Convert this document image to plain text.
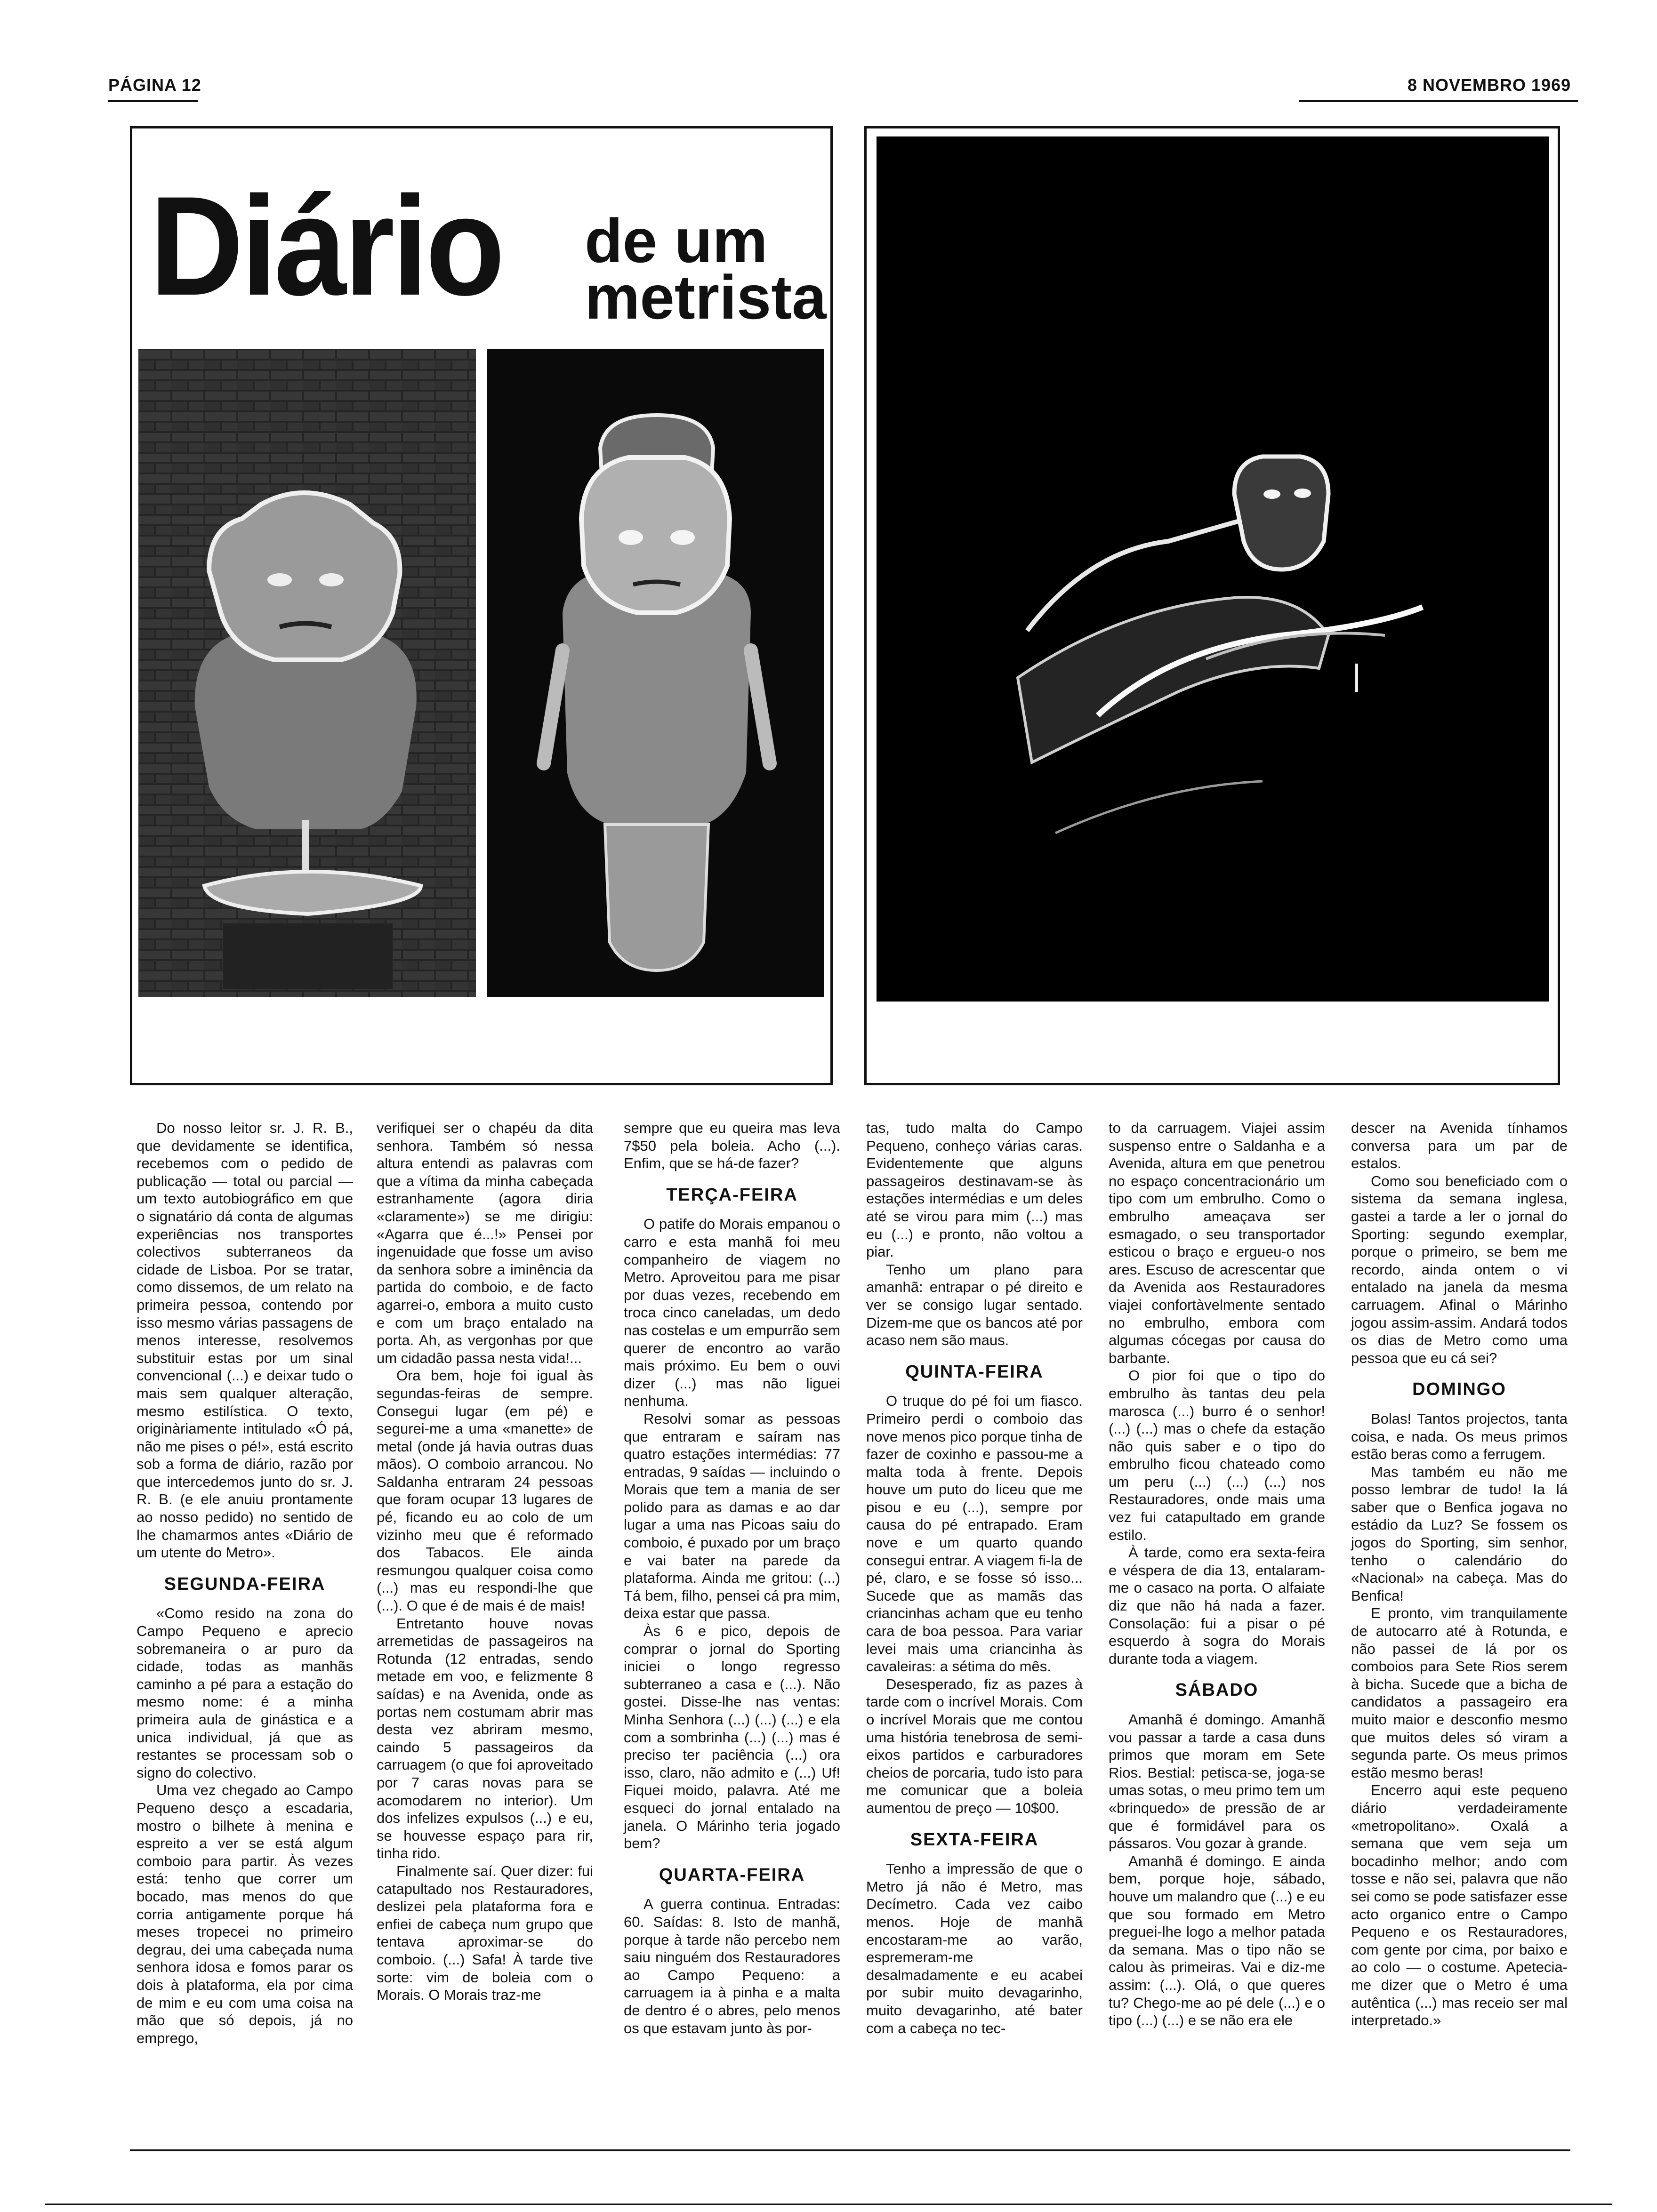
PÁGINA 12	8 NOVEMBRO 1969
Diário de um
metrista

Do nosso leitor sr. J. R. B., que devidamente se identifica, recebemos com o pedido de publicação — total ou parcial — um texto autobiográfico em que o signatário dá conta de algumas experiências nos transportes colectivos subterraneos da cidade de Lisboa. Por se tratar, como dissemos, de um relato na primeira pessoa, contendo por isso mesmo várias passagens de menos interesse, resolvemos substituir estas por um sinal convencional (...) e deixar tudo o mais sem qualquer alteração, mesmo estilística. O texto, originàriamente intitulado «Ó pá, não me pises o pé!», está escrito sob a forma de diário, razão por que intercedemos junto do sr. J. R. B. (e ele anuiu prontamente ao nosso pedido) no sentido de lhe chamarmos antes «Diário de um utente do Metro».

SEGUNDA-FEIRA

«Como resido na zona do Campo Pequeno e aprecio sobremaneira o ar puro da cidade, todas as manhãs caminho a pé para a estação do mesmo nome: é a minha primeira aula de ginástica e a unica individual, já que as restantes se processam sob o signo do colectivo.

Uma vez chegado ao Campo Pequeno desço a escadaria, mostro o bilhete à menina e espreito a ver se está algum comboio para partir. Às vezes está: tenho que correr um bocado, mas menos do que corria antigamente porque há meses tropecei no primeiro degrau, dei uma cabeçada numa senhora idosa e fomos parar os dois à plataforma, ela por cima de mim e eu com uma coisa na mão que só depois, já no emprego,

verifiquei ser o chapéu da dita senhora. Também só nessa altura entendi as palavras com que a vítima da minha cabeçada estranhamente (agora diria «claramente») se me dirigiu: «Agarra que é...!» Pensei por ingenuidade que fosse um aviso da senhora sobre a iminência da partida do comboio, e de facto agarrei-o, embora a muito custo e com um braço entalado na porta. Ah, as vergonhas por que um cidadão passa nesta vida!...

Ora bem, hoje foi igual às segundas-feiras de sempre. Consegui lugar (em pé) e segurei-me a uma «manette» de metal (onde já havia outras duas mãos). O comboio arrancou. No Saldanha entraram 24 pessoas que foram ocupar 13 lugares de pé, ficando eu ao colo de um vizinho meu que é reformado dos Tabacos. Ele ainda resmungou qualquer coisa como (...) mas eu respondi-lhe que (...). O que é de mais é de mais!

Entretanto houve novas arremetidas de passageiros na Rotunda (12 entradas, sendo metade em voo, e felizmente 8 saídas) e na Avenida, onde as portas nem costumam abrir mas desta vez abriram mesmo, caindo 5 passageiros da carruagem (o que foi aproveitado por 7 caras novas para se acomodarem no interior). Um dos infelizes expulsos (...) e eu, se houvesse espaço para rir, tinha rido.

Finalmente saí. Quer dizer: fui catapultado nos Restauradores, deslizei pela plataforma fora e enfiei de cabeça num grupo que tentava aproximar-se do comboio. (...) Safa! À tarde tive sorte: vim de boleia com o Morais. O Morais traz-me

sempre que eu queira mas leva 7$50 pela boleia. Acho (...). Enfim, que se há-de fazer?

TERÇA-FEIRA

O patife do Morais empanou o carro e esta manhã foi meu companheiro de viagem no Metro. Aproveitou para me pisar por duas vezes, recebendo em troca cinco caneladas, um dedo nas costelas e um empurrão sem querer de encontro ao varão mais próximo. Eu bem o ouvi dizer (...) mas não liguei nenhuma.

Resolvi somar as pessoas que entraram e saíram nas quatro estações intermédias: 77 entradas, 9 saídas — incluindo o Morais que tem a mania de ser polido para as damas e ao dar lugar a uma nas Picoas saiu do comboio, é puxado por um braço e vai bater na parede da plataforma. Ainda me gritou: (...) Tá bem, filho, pensei cá pra mim, deixa estar que passa.

Às 6 e pico, depois de comprar o jornal do Sporting iniciei o longo regresso subterraneo a casa e (...). Não gostei. Disse-lhe nas ventas: Minha Senhora (...) (...) (...) e ela com a sombrinha (...) (...) mas é preciso ter paciência (...) ora isso, claro, não admito e (...) Uf! Fiquei moido, palavra. Até me esqueci do jornal entalado na janela. O Márinho teria jogado bem?

QUARTA-FEIRA

A guerra continua. Entradas: 60. Saídas: 8. Isto de manhã, porque à tarde não percebo nem saiu ninguém dos Restauradores ao Campo Pequeno: a carruagem ia à pinha e a malta de dentro é o abres, pelo menos os que estavam junto às por-

tas, tudo malta do Campo Pequeno, conheço várias caras. Evidentemente que alguns passageiros destinavam-se às estações intermédias e um deles até se virou para mim (...) mas eu (...) e pronto, não voltou a piar.

Tenho um plano para amanhã: entrapar o pé direito e ver se consigo lugar sentado. Dizem-me que os bancos até por acaso nem são maus.

QUINTA-FEIRA

O truque do pé foi um fiasco. Primeiro perdi o comboio das nove menos pico porque tinha de fazer de coxinho e passou-me a malta toda à frente. Depois houve um puto do liceu que me pisou e eu (...), sempre por causa do pé entrapado. Eram nove e um quarto quando consegui entrar. A viagem fi-la de pé, claro, e se fosse só isso... Sucede que as mamãs das criancinhas acham que eu tenho cara de boa pessoa. Para variar levei mais uma criancinha às cavaleiras: a sétima do mês.

Desesperado, fiz as pazes à tarde com o incrível Morais. Com o incrível Morais que me contou uma história tenebrosa de semi-eixos partidos e carburadores cheios de porcaria, tudo isto para me comunicar que a boleia aumentou de preço — 10$00.

SEXTA-FEIRA

Tenho a impressão de que o Metro já não é Metro, mas Decímetro. Cada vez caibo menos. Hoje de manhã encostaram-me ao varão, espremeram-me desalmadamente e eu acabei por subir muito devagarinho, muito devagarinho, até bater com a cabeça no tec-

to da carruagem. Viajei assim suspenso entre o Saldanha e a Avenida, altura em que penetrou no espaço concentracionário um tipo com um embrulho. Como o embrulho ameaçava ser esmagado, o seu transportador esticou o braço e ergueu-o nos ares. Escuso de acrescentar que da Avenida aos Restauradores viajei confortàvelmente sentado no embrulho, embora com algumas cócegas por causa do barbante.

O pior foi que o tipo do embrulho às tantas deu pela marosca (...) burro é o senhor! (...) (...) mas o chefe da estação não quis saber e o tipo do embrulho ficou chateado como um peru (...) (...) (...) nos Restauradores, onde mais uma vez fui catapultado em grande estilo.

À tarde, como era sexta-feira e véspera de dia 13, entalaram-me o casaco na porta. O alfaiate diz que não há nada a fazer. Consolação: fui a pisar o pé esquerdo à sogra do Morais durante toda a viagem.

SÁBADO

Amanhã é domingo. Amanhã vou passar a tarde a casa duns primos que moram em Sete Rios. Bestial: petisca-se, joga-se umas sotas, o meu primo tem um «brinquedo» de pressão de ar que é formidável para os pássaros. Vou gozar à grande.

Amanhã é domingo. E ainda bem, porque hoje, sábado, houve um malandro que (...) e eu que sou formado em Metro preguei-lhe logo a melhor patada da semana. Mas o tipo não se calou às primeiras. Vai e diz-me assim: (...). Olá, o que queres tu? Chego-me ao pé dele (...) e o tipo (...) (...) e se não era ele

descer na Avenida tínhamos conversa para um par de estalos.

Como sou beneficiado com o sistema da semana inglesa, gastei a tarde a ler o jornal do Sporting: segundo exemplar, porque o primeiro, se bem me recordo, ainda ontem o vi entalado na janela da mesma carruagem. Afinal o Márinho jogou assim-assim. Andará todos os dias de Metro como uma pessoa que eu cá sei?

DOMINGO

Bolas! Tantos projectos, tanta coisa, e nada. Os meus primos estão beras como a ferrugem.

Mas também eu não me posso lembrar de tudo! Ia lá saber que o Benfica jogava no estádio da Luz? Se fossem os jogos do Sporting, sim senhor, tenho o calendário do «Nacional» na cabeça. Mas do Benfica!

E pronto, vim tranquilamente de autocarro até à Rotunda, e não passei de lá por os comboios para Sete Rios serem à bicha. Sucede que a bicha de candidatos a passageiro era muito maior e desconfio mesmo que muitos deles só viram a segunda parte. Os meus primos estão mesmo beras!

Encerro aqui este pequeno diário verdadeiramente «metropolitano». Oxalá a semana que vem seja um bocadinho melhor; ando com tosse e não sei, palavra que não sei como se pode satisfazer esse acto organico entre o Campo Pequeno e os Restauradores, com gente por cima, por baixo e ao colo — o costume. Apetecia-me dizer que o Metro é uma autêntica (...) mas receio ser mal interpretado.»
